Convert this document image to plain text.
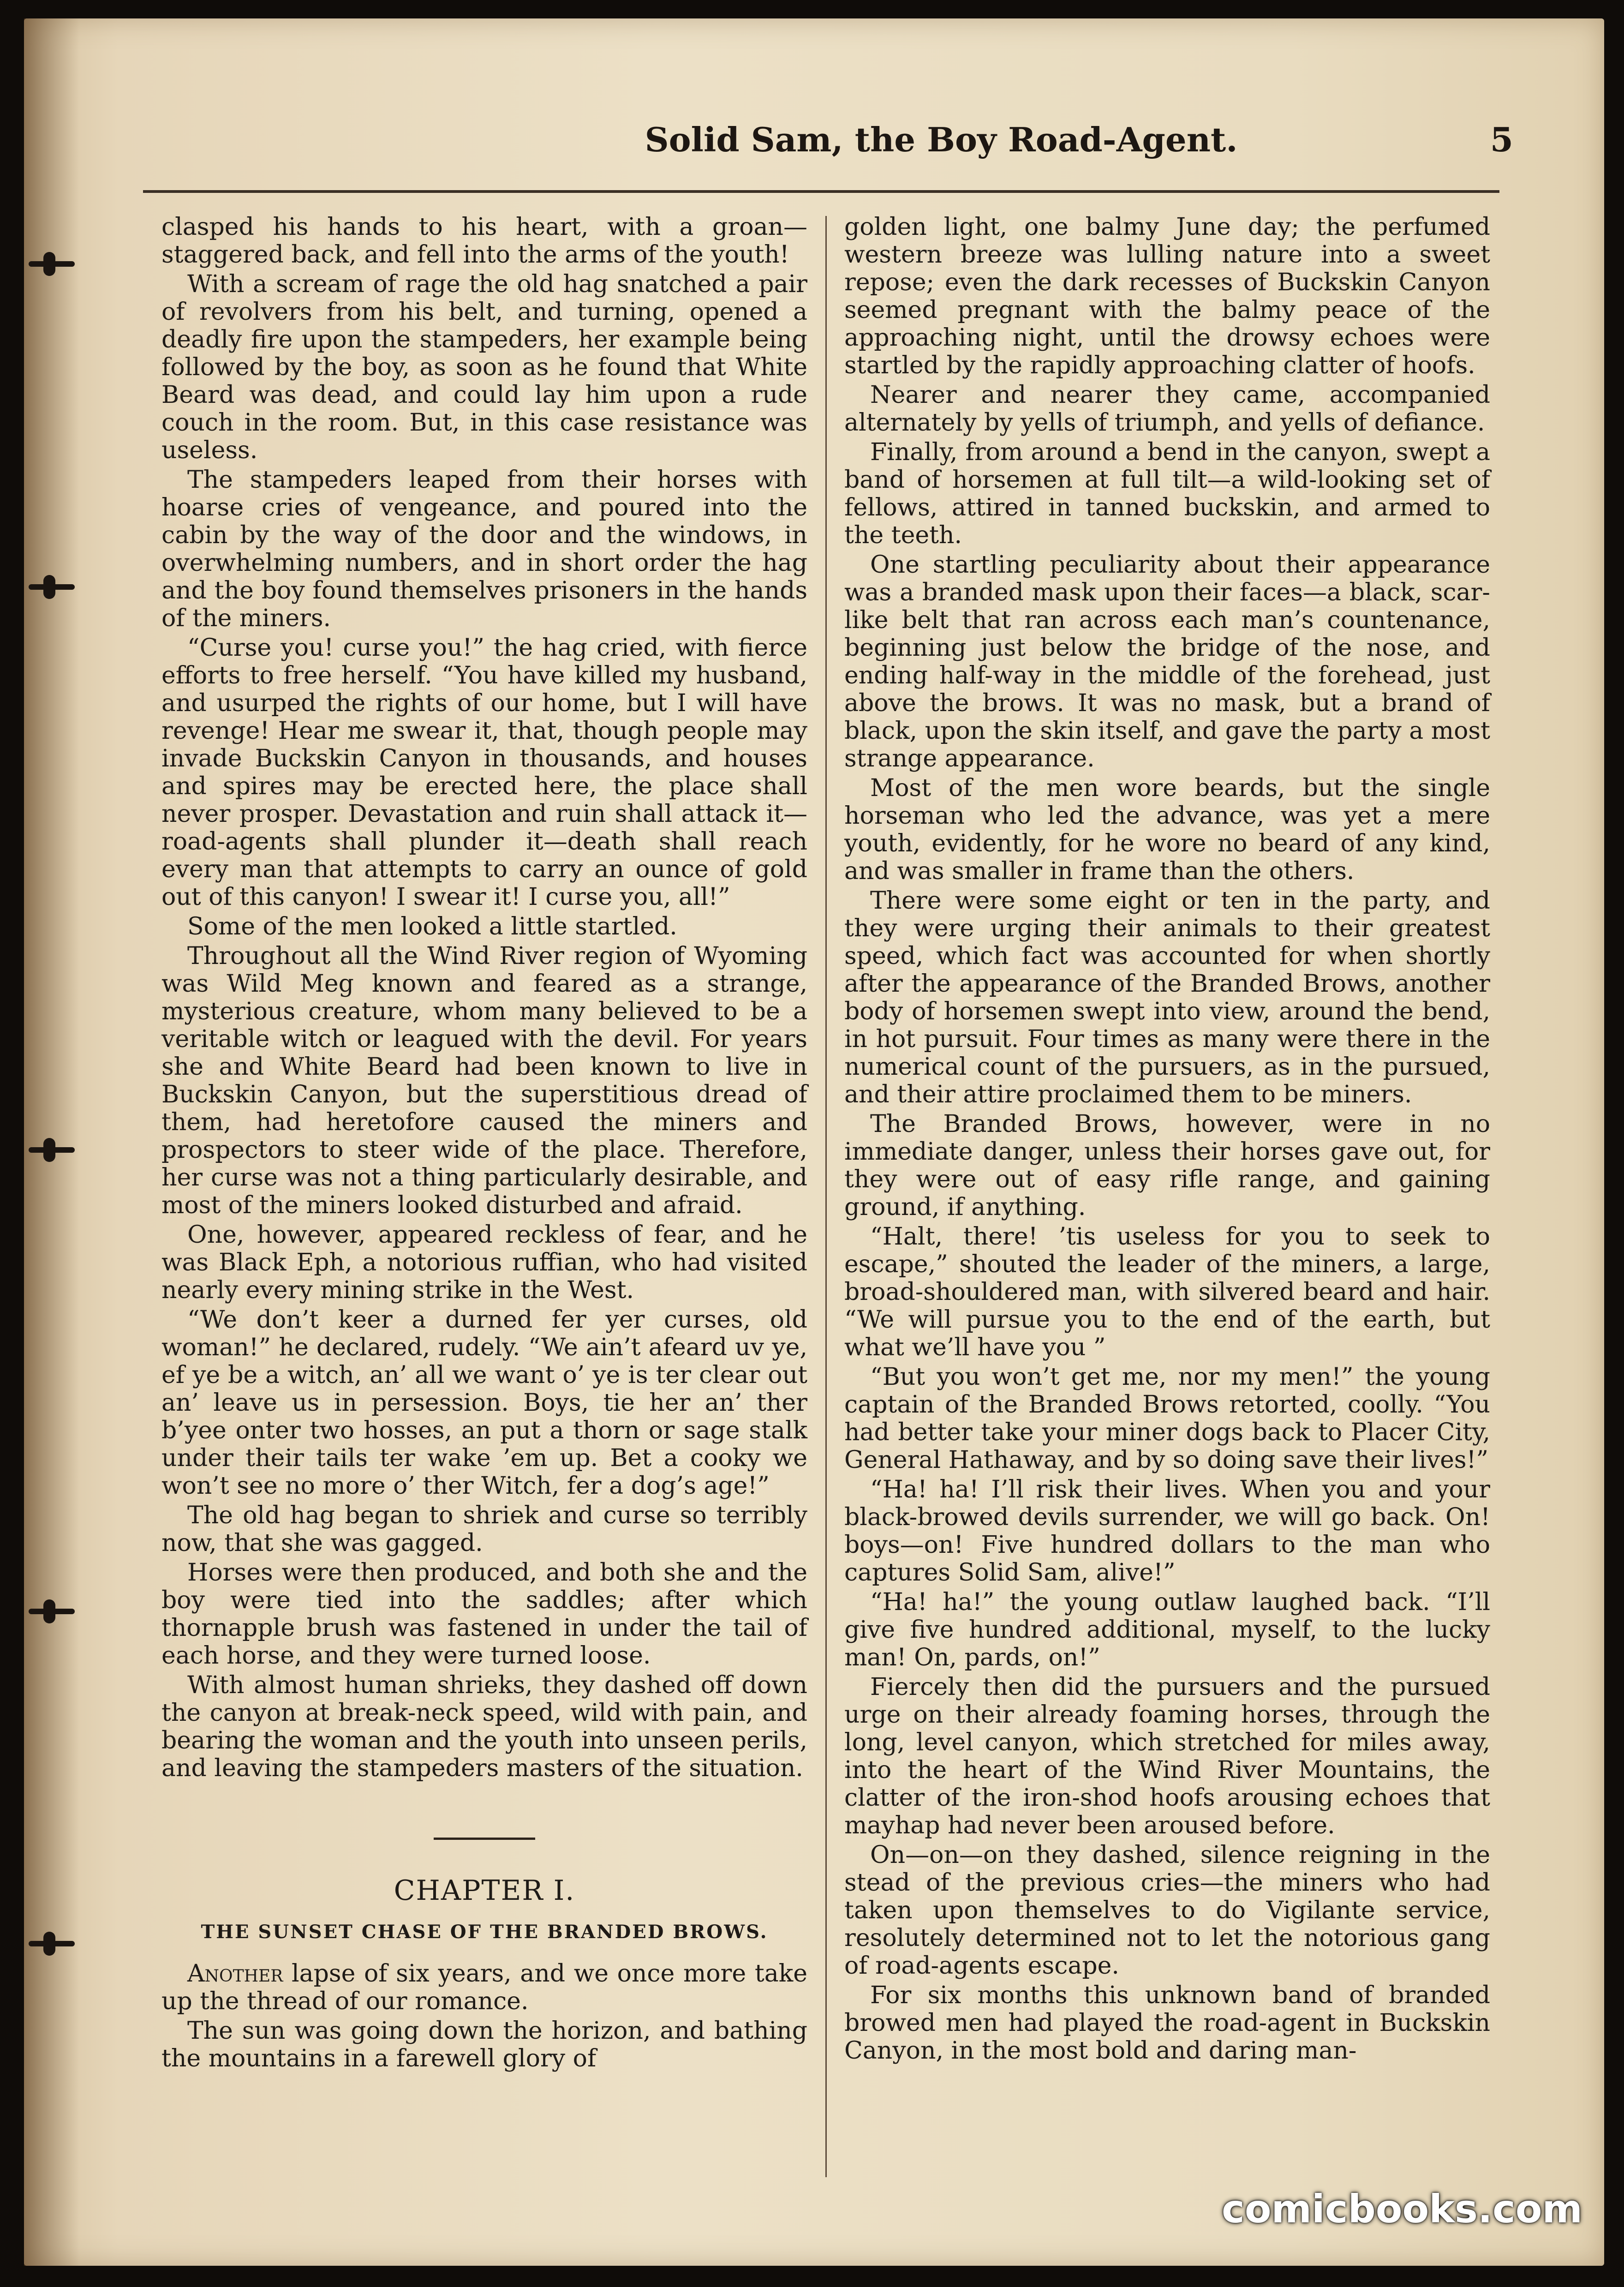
Solid Sam, the Boy Road-Agent.	5

clasped his hands to his heart, with a groan—staggered back, and fell into the arms of the youth!

With a scream of rage the old hag snatched a pair of revolvers from his belt, and turning, opened a deadly fire upon the stampeders, her example being followed by the boy, as soon as he found that White Beard was dead, and could lay him upon a rude couch in the room. But, in this case resistance was useless.

The stampeders leaped from their horses with hoarse cries of vengeance, and poured into the cabin by the way of the door and the windows, in overwhelming numbers, and in short order the hag and the boy found themselves prisoners in the hands of the miners.

“Curse you! curse you!” the hag cried, with fierce efforts to free herself. “You have killed my husband, and usurped the rights of our home, but I will have revenge! Hear me swear it, that, though people may invade Buckskin Canyon in thousands, and houses and spires may be erected here, the place shall never prosper. Devastation and ruin shall attack it—road-agents shall plunder it—death shall reach every man that attempts to carry an ounce of gold out of this canyon! I swear it! I curse you, all!”

Some of the men looked a little startled.

Throughout all the Wind River region of Wyoming was Wild Meg known and feared as a strange, mysterious creature, whom many believed to be a veritable witch or leagued with the devil. For years she and White Beard had been known to live in Buckskin Canyon, but the superstitious dread of them, had heretofore caused the miners and prospectors to steer wide of the place. Therefore, her curse was not a thing particularly desirable, and most of the miners looked disturbed and afraid.

One, however, appeared reckless of fear, and he was Black Eph, a notorious ruffian, who had visited nearly every mining strike in the West.

“We don’t keer a durned fer yer curses, old woman!” he declared, rudely. “We ain’t afeard uv ye, ef ye be a witch, an’ all we want o’ ye is ter clear out an’ leave us in persession. Boys, tie her an’ ther b’yee onter two hosses, an put a thorn or sage stalk under their tails ter wake ’em up. Bet a cooky we won’t see no more o’ ther Witch, fer a dog’s age!”

The old hag began to shriek and curse so terribly now, that she was gagged.

Horses were then produced, and both she and the boy were tied into the saddles; after which thornapple brush was fastened in under the tail of each horse, and they were turned loose.

With almost human shrieks, they dashed off down the canyon at break-neck speed, wild with pain, and bearing the woman and the youth into unseen perils, and leaving the stampeders masters of the situation.

CHAPTER I.
THE SUNSET CHASE OF THE BRANDED BROWS.

Another lapse of six years, and we once more take up the thread of our romance.

The sun was going down the horizon, and bathing the mountains in a farewell glory of

golden light, one balmy June day; the perfumed western breeze was lulling nature into a sweet repose; even the dark recesses of Buckskin Canyon seemed pregnant with the balmy peace of the approaching night, until the drowsy echoes were startled by the rapidly approaching clatter of hoofs.

Nearer and nearer they came, accompanied alternately by yells of triumph, and yells of defiance.

Finally, from around a bend in the canyon, swept a band of horsemen at full tilt—a wild-looking set of fellows, attired in tanned buckskin, and armed to the teeth.

One startling peculiarity about their appearance was a branded mask upon their faces—a black, scar-like belt that ran across each man’s countenance, beginning just below the bridge of the nose, and ending half-way in the middle of the forehead, just above the brows. It was no mask, but a brand of black, upon the skin itself, and gave the party a most strange appearance.

Most of the men wore beards, but the single horseman who led the advance, was yet a mere youth, evidently, for he wore no beard of any kind, and was smaller in frame than the others.

There were some eight or ten in the party, and they were urging their animals to their greatest speed, which fact was accounted for when shortly after the appearance of the Branded Brows, another body of horsemen swept into view, around the bend, in hot pursuit. Four times as many were there in the numerical count of the pursuers, as in the pursued, and their attire proclaimed them to be miners.

The Branded Brows, however, were in no immediate danger, unless their horses gave out, for they were out of easy rifle range, and gaining ground, if anything.

“Halt, there! ’tis useless for you to seek to escape,” shouted the leader of the miners, a large, broad-shouldered man, with silvered beard and hair. “We will pursue you to the end of the earth, but what we’ll have you ”

“But you won’t get me, nor my men!” the young captain of the Branded Brows retorted, coolly. “You had better take your miner dogs back to Placer City, General Hathaway, and by so doing save their lives!”

“Ha! ha! I’ll risk their lives. When you and your black-browed devils surrender, we will go back. On! boys—on! Five hundred dollars to the man who captures Solid Sam, alive!”

“Ha! ha!” the young outlaw laughed back. “I’ll give five hundred additional, myself, to the lucky man! On, pards, on!”

Fiercely then did the pursuers and the pursued urge on their already foaming horses, through the long, level canyon, which stretched for miles away, into the heart of the Wind River Mountains, the clatter of the iron-shod hoofs arousing echoes that mayhap had never been aroused before.

On—on—on they dashed, silence reigning in the stead of the previous cries—the miners who had taken upon themselves to do Vigilante service, resolutely determined not to let the notorious gang of road-agents escape.

For six months this unknown band of branded browed men had played the road-agent in Buckskin Canyon, in the most bold and daring man-

comicbooks.com
